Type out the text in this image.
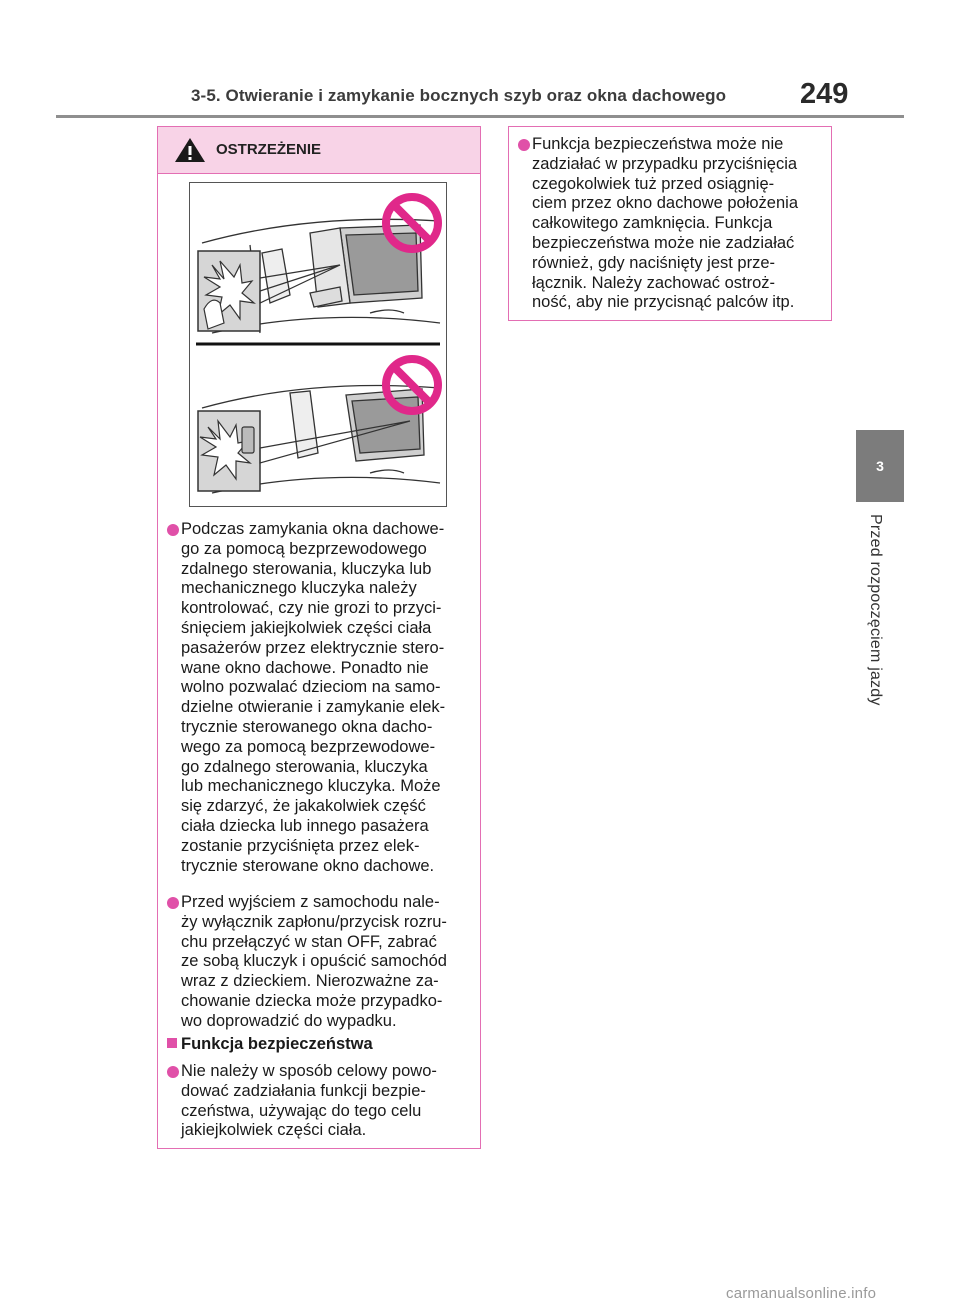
3-5. Otwieranie i zamykanie bocznych szyb oraz okna dachowego	249
3
Przed rozpoczęciem jazdy
OSTRZEŻENIE
Podczas zamykania okna dachowe-
go za pomocą bezprzewodowego
zdalnego sterowania, kluczyka lub
mechanicznego kluczyka należy
kontrolować, czy nie grozi to przyci-
śnięciem jakiejkolwiek części ciała
pasażerów przez elektrycznie stero-
wane okno dachowe. Ponadto nie
wolno pozwalać dzieciom na samo-
dzielne otwieranie i zamykanie elek-
trycznie sterowanego okna dacho-
wego za pomocą bezprzewodowe-
go zdalnego sterowania, kluczyka
lub mechanicznego kluczyka. Może
się zdarzyć, że jakakolwiek część
ciała dziecka lub innego pasażera
zostanie przyciśnięta przez elek-
trycznie sterowane okno dachowe.
Przed wyjściem z samochodu nale-
ży wyłącznik zapłonu/przycisk rozru-
chu przełączyć w stan OFF, zabrać
ze sobą kluczyk i opuścić samochód
wraz z dzieckiem. Nierozważne za-
chowanie dziecka może przypadko-
wo doprowadzić do wypadku.
Funkcja bezpieczeństwa
Nie należy w sposób celowy powo-
dować zadziałania funkcji bezpie-
czeństwa, używając do tego celu
jakiejkolwiek części ciała.
Funkcja bezpieczeństwa może nie
zadziałać w przypadku przyciśnięcia
czegokolwiek tuż przed osiągnię-
ciem przez okno dachowe położenia
całkowitego zamknięcia. Funkcja
bezpieczeństwa może nie zadziałać
również, gdy naciśnięty jest prze-
łącznik. Należy zachować ostroż-
ność, aby nie przycisnąć palców itp.
carmanualsonline.info
